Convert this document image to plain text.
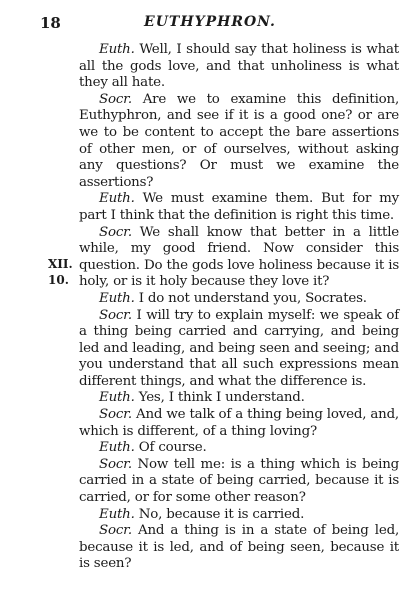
18	EUTHYPHRON.
XII.
10.

Euth. Well, I should say that holiness is what all the gods love, and that unholiness is what they all hate.

Socr. Are we to examine this definition, Euthyphron, and see if it is a good one? or are we to be content to accept the bare assertions of other men, or of ourselves, without asking any questions? Or must we examine the assertions?

Euth. We must examine them. But for my part I think that the definition is right this time.

Socr. We shall know that better in a little while, my good friend. Now consider this question. Do the gods love holiness because it is holy, or is it holy because they love it?

Euth. I do not understand you, Socrates.

Socr. I will try to explain myself: we speak of a thing being carried and carrying, and being led and leading, and being seen and seeing; and you understand that all such expressions mean different things, and what the difference is.

Euth. Yes, I think I understand.

Socr. And we talk of a thing being loved, and, which is different, of a thing loving?

Euth. Of course.

Socr. Now tell me: is a thing which is being carried in a state of being carried, because it is carried, or for some other reason?

Euth. No, because it is carried.

Socr. And a thing is in a state of being led, because it is led, and of being seen, because it is seen?
